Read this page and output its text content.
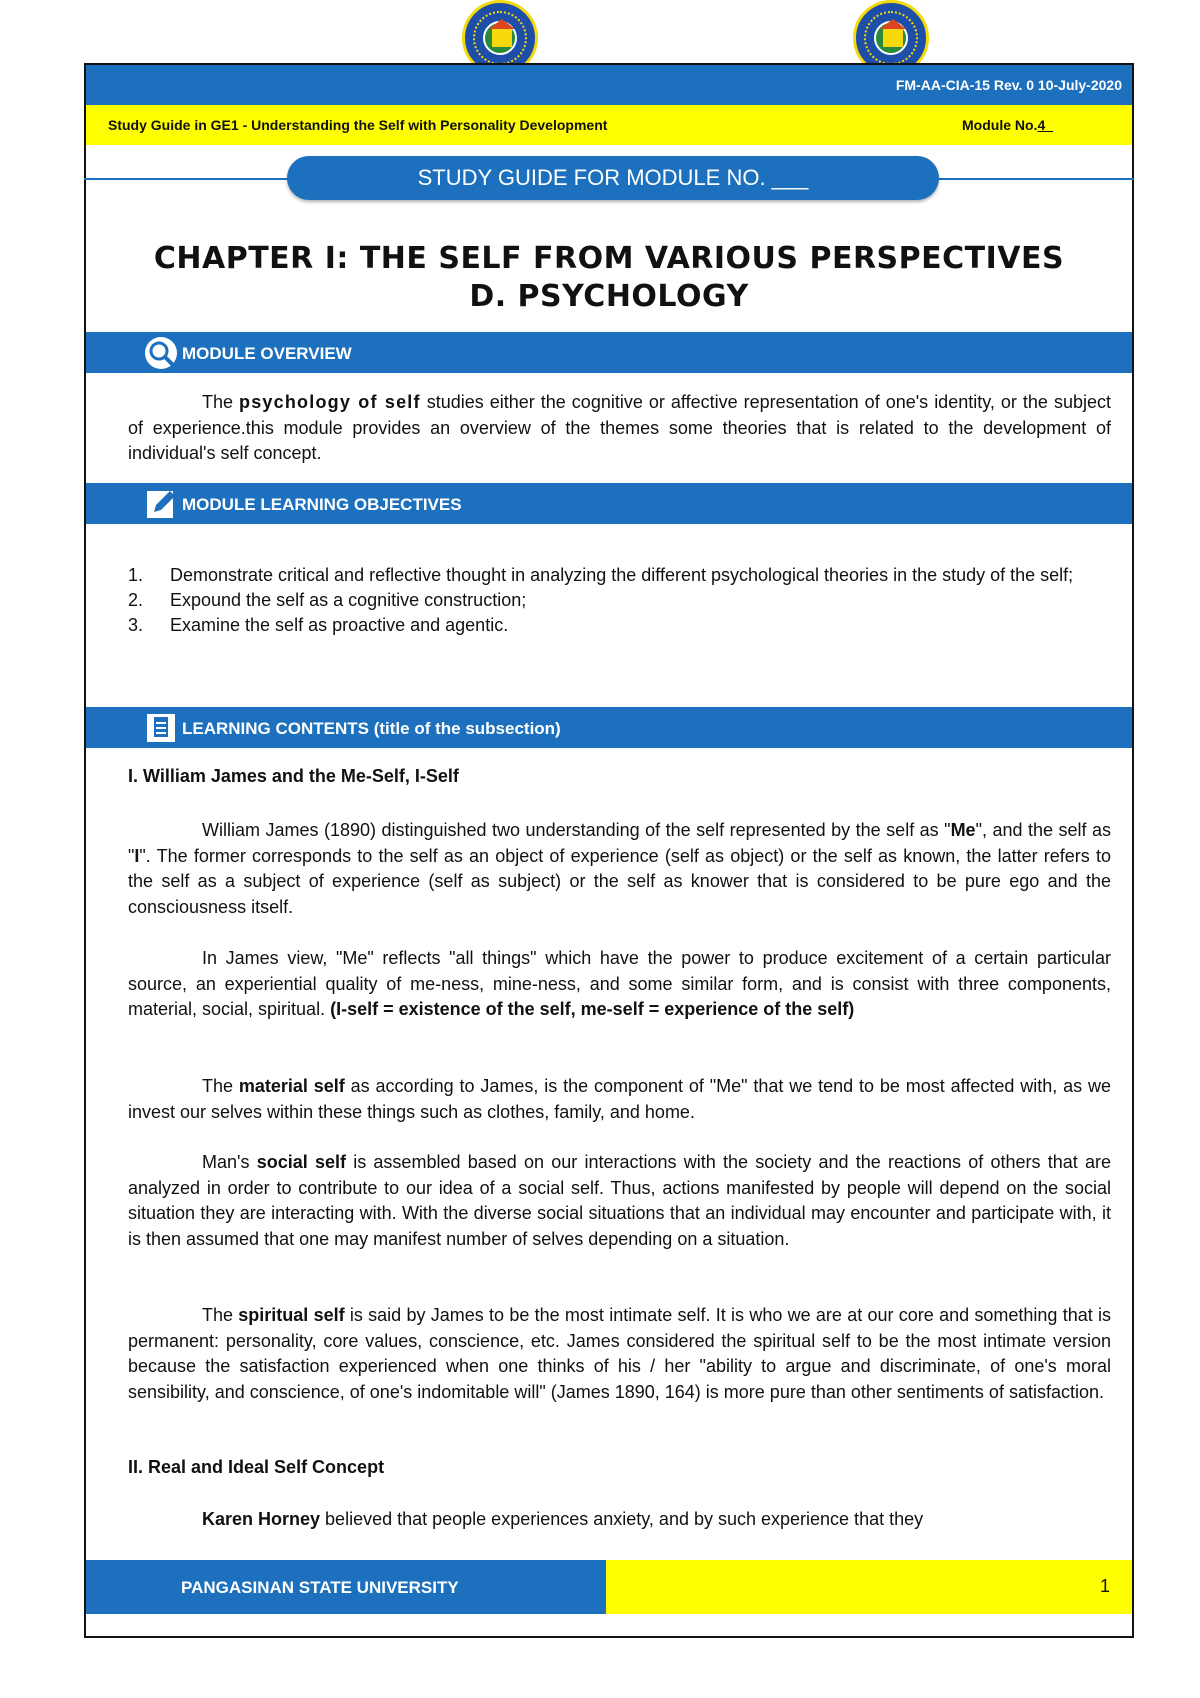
FM-AA-CIA-15 Rev. 0 10-July-2020
Study Guide in GE1 - Understanding the Self with Personality Development	Module No.4_
STUDY GUIDE FOR MODULE NO. ___
CHAPTER I: THE SELF FROM VARIOUS PERSPECTIVES
D. PSYCHOLOGY
MODULE OVERVIEW

The psychology of self studies either the cognitive or affective representation of one's identity, or the subject of experience.this module provides an overview of the themes some theories that is related to the development of individual's self concept.

MODULE LEARNING OBJECTIVES
1. Demonstrate critical and reflective thought in analyzing the different psychological theories in the study of the self;
2. Expound the self as a cognitive construction;
3. Examine the self as proactive and agentic.
LEARNING CONTENTS (title of the subsection)
I. William James and the Me-Self, I-Self

William James (1890) distinguished two understanding of the self represented by the self as "Me", and the self as "I". The former corresponds to the self as an object of experience (self as object) or the self as known, the latter refers to the self as a subject of experience (self as subject) or the self as knower that is considered to be pure ego and the consciousness itself.

In James view, "Me" reflects "all things" which have the power to produce excitement of a certain particular source, an experiential quality of me-ness, mine-ness, and some similar form, and is consist with three components, material, social, spiritual. (I-self = existence of the self, me-self = experience of the self)

The material self as according to James, is the component of "Me" that we tend to be most affected with, as we invest our selves within these things such as clothes, family, and home.

Man's social self is assembled based on our interactions with the society and the reactions of others that are analyzed in order to contribute to our idea of a social self. Thus, actions manifested by people will depend on the social situation they are interacting with. With the diverse social situations that an individual may encounter and participate with, it is then assumed that one may manifest number of selves depending on a situation.

The spiritual self is said by James to be the most intimate self. It is who we are at our core and something that is permanent: personality, core values, conscience, etc. James considered the spiritual self to be the most intimate version because the satisfaction experienced when one thinks of his / her "ability to argue and discriminate, of one's moral sensibility, and conscience, of one's indomitable will" (James 1890, 164) is more pure than other sentiments of satisfaction.

II. Real and Ideal Self Concept

Karen Horney believed that people experiences anxiety, and by such experience that they

PANGASINAN STATE UNIVERSITY	1
